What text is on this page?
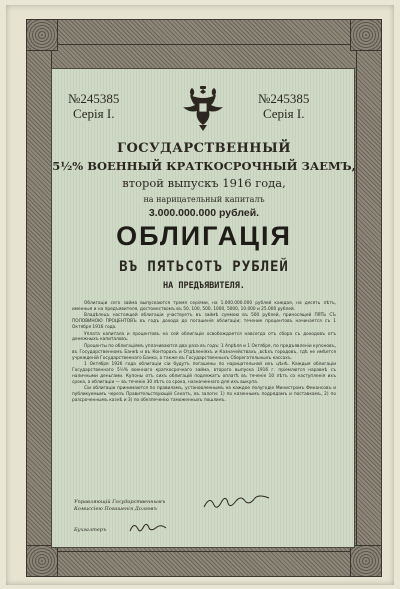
№245385
Серія I.
№245385
Серія I.
ГОСУДАРСТВЕННЫЙ
5½% ВОЕННЫЙ КРАТКОСРОЧНЫЙ ЗАЕМЪ,
второй выпускъ 1916 года,
на нарицательный капиталъ
3.000.000.000 рублей.
ОБЛИГАЦІЯ
ВЪ ПЯТЬСОТЪ РУБЛЕЙ
НА ПРЕДЪЯВИТЕЛЯ.

Облигаціи сего займа выпускаются тремя серіями, на 1.000.000.000 рублей каждая, на десять лѣтъ, именныя и на предъявителя, достоинствомъ въ 50, 100, 500, 1000, 5000, 10.000 и 25.000 рублей.

Владѣлецъ настоящей облигаціи участвуетъ въ займѣ суммою въ 500 рублей, приносящей ПЯТЬ СЪ ПОЛОВИНОЮ ПРОЦЕНТОВЪ въ годъ дохода до погашенія облигаціи; течение процентовъ начинается съ 1 Октября 1916 года.

Уплата капитала и процентовъ на сей облигаціи освобождается навсегда отъ сбора съ доходовъ отъ денежныхъ капиталовъ.

Проценты по облигаціямъ уплачиваются два раза въ годъ: 1 Апрѣля и 1 Октября, по предъявленіи купоновъ, въ Государственномъ Банкѣ и въ Конторахъ и Отдѣленіяхъ и Казначействахъ ,всѣхъ городовъ, гдѣ не имѣется учрежденій Государственнаго Банка, а также въ Государственныхъ Сберегательныхъ кассахъ.

1 Октября 1926 года облигаціи сіи будутъ погашены по нарицательной ихъ цѣнѣ. Каждыя облигаціи Государственнаго 5½% военнаго краткосрочнаго займа, второго выпуска 1916 г. пріемлются наравнѣ съ наличными деньгами. Купоны отъ сихъ облигацій подлежатъ оплатѣ въ теченіе 10 лѣтъ со наступленія ихъ срока, а облигаціи — въ теченіе 30 лѣтъ со срока, назначеннаго для ихъ выкупа.

Сіи облигаціи принимаются по правиламъ, установленнымъ на каждое полугодіе Министромъ Финансовъ и публикуемымъ черезъ Правительствующій Сенатъ, въ залоги: 1) по казеннымъ подрядамъ и поставкамъ, 2) по разсроченнымъ казнѣ и 3) по обезпеченію таможенныхъ пошлинъ.

Управляющій Государственнымъ
Комиссіею Погашенія Долговъ
Бухгалтеръ
